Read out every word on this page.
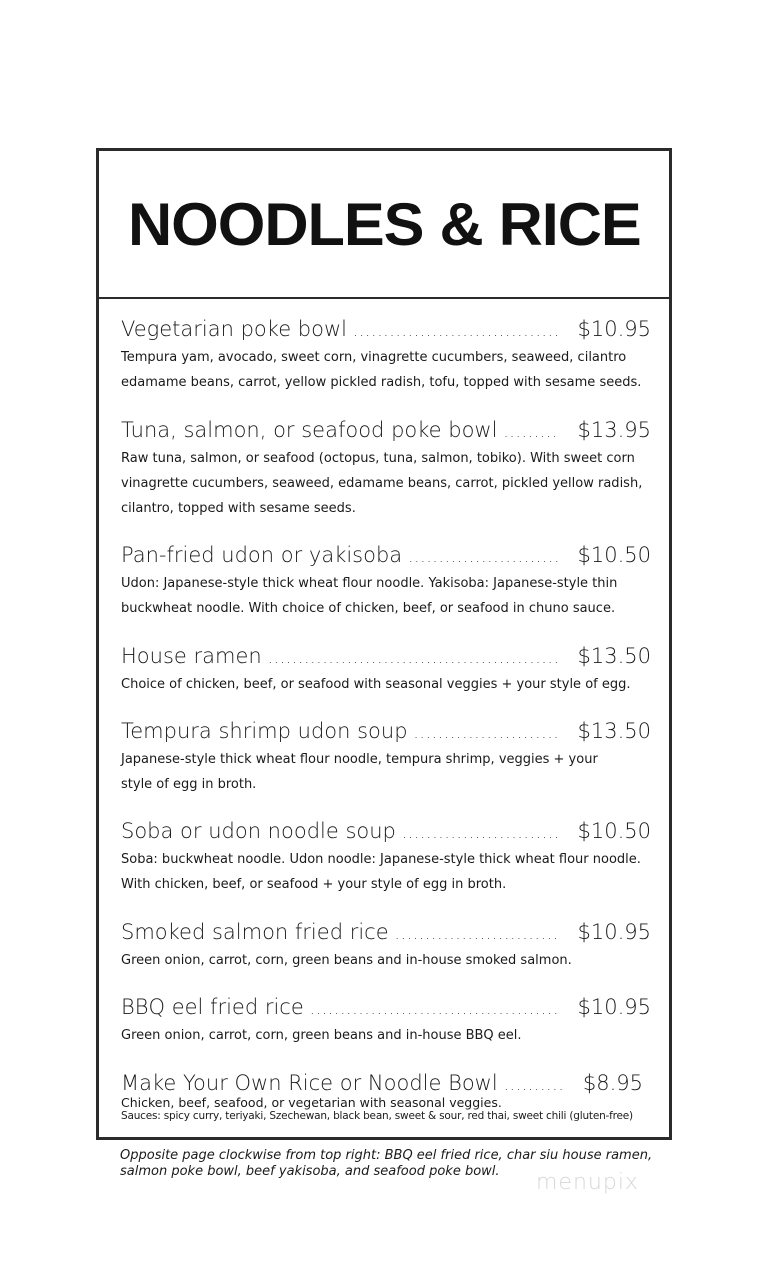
NOODLES & RICE
Vegetarian poke bowl .....	$10.95
Tempura yam, avocado, sweet corn, vinagrette cucumbers, seaweed, cilantro
edamame beans, carrot, yellow pickled radish, tofu, topped with sesame seeds.
Tuna, salmon, or seafood poke bowl .....	$13.95
Raw tuna, salmon, or seafood (octopus, tuna, salmon, tobiko). With sweet corn
vinagrette cucumbers, seaweed, edamame beans, carrot, pickled yellow radish,
cilantro, topped with sesame seeds.
Pan-fried udon or yakisoba .....	$10.50
Udon: Japanese-style thick wheat flour noodle. Yakisoba: Japanese-style thin
buckwheat noodle. With choice of chicken, beef, or seafood in chuno sauce.
House ramen .....	$13.50
Choice of chicken, beef, or seafood with seasonal veggies + your style of egg.
Tempura shrimp udon soup .....	$13.50
Japanese-style thick wheat flour noodle, tempura shrimp, veggies + your
style of egg in broth.
Soba or udon noodle soup .....	$10.50
Soba: buckwheat noodle. Udon noodle: Japanese-style thick wheat flour noodle.
With chicken, beef, or seafood + your style of egg in broth.
Smoked salmon fried rice .....	$10.95
Green onion, carrot, corn, green beans and in-house smoked salmon.
BBQ eel fried rice .....	$10.95
Green onion, carrot, corn, green beans and in-house BBQ eel.
Make Your Own Rice or Noodle Bowl .....	$8.95
Chicken, beef, seafood, or vegetarian with seasonal veggies.
Sauces: spicy curry, teriyaki, Szechewan, black bean, sweet & sour, red thai, sweet chili (gluten-free)
Opposite page clockwise from top right: BBQ eel fried rice, char siu house ramen,
salmon poke bowl, beef yakisoba, and seafood poke bowl.	menupix
